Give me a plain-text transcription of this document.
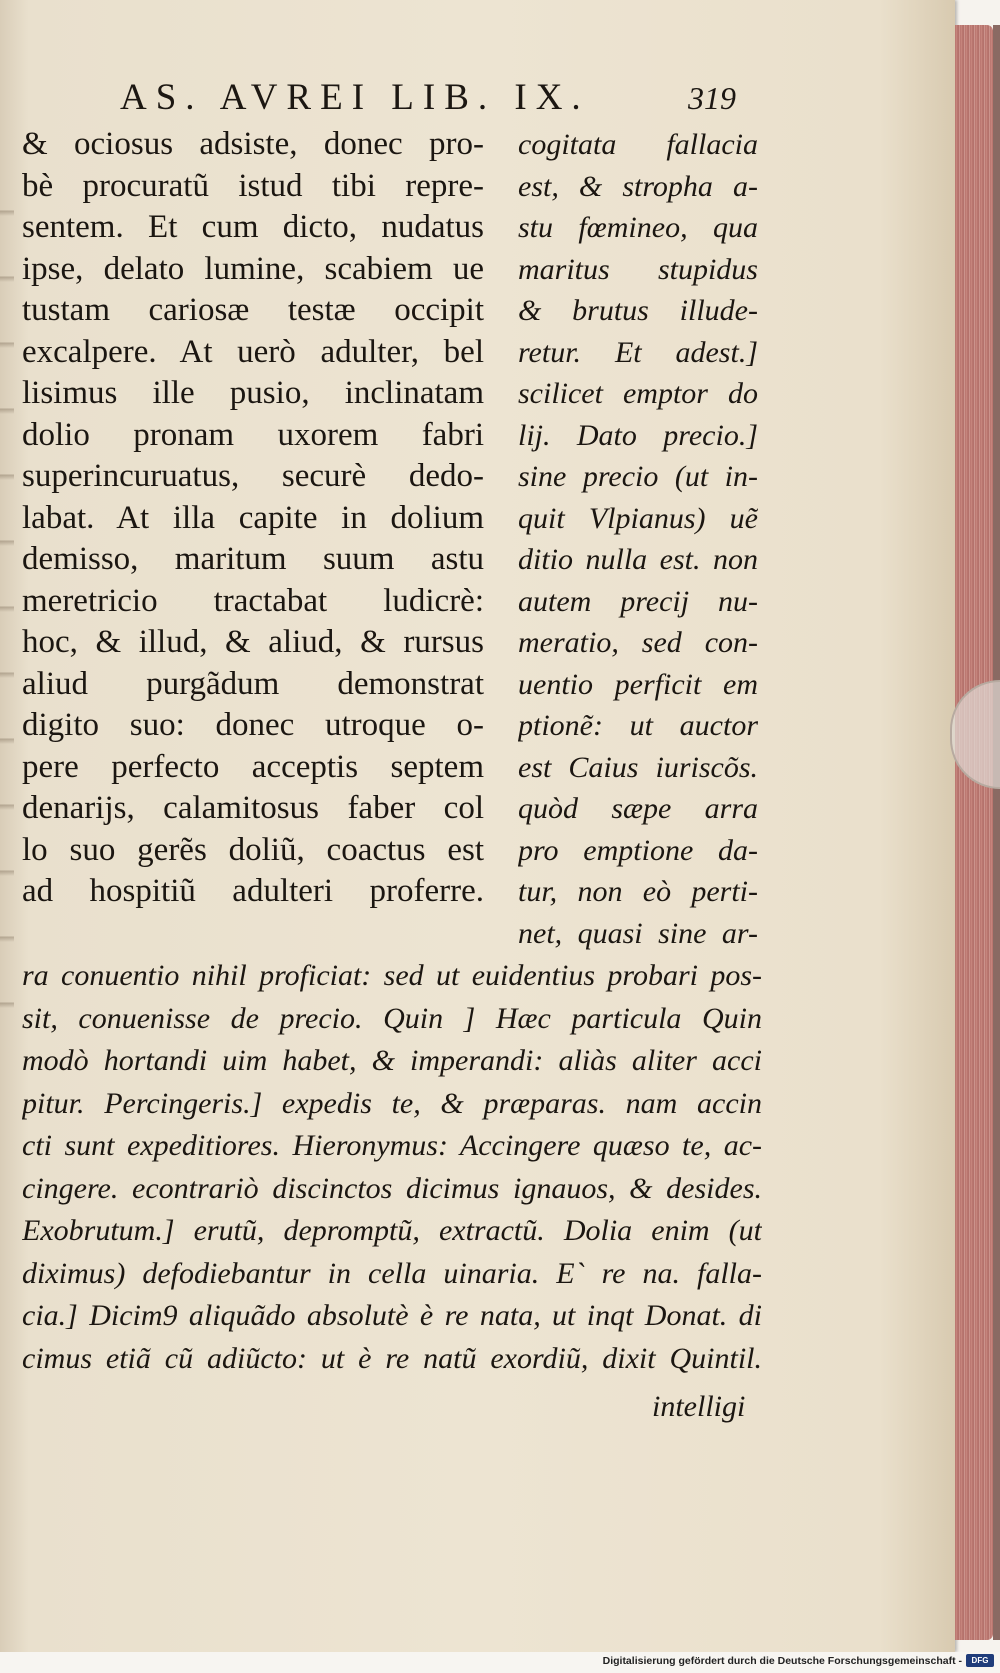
AS. AVREI LIB. IX.	319
& ociosus adsiste, donec pro-
bè procuratũ istud tibi repre-
sentem. Et cum dicto, nudatus
ipse, delato lumine, scabiem ue
tustam cariosæ testæ occipit
excalpere. At uerò adulter, bel
lisimus ille pusio, inclinatam
dolio pronam uxorem fabri
superincuruatus, securè dedo-
labat. At illa capite in dolium
demisso, maritum suum astu
meretricio tractabat ludicrè:
hoc, & illud, & aliud, & rursus
aliud purgãdum demonstrat
digito suo: donec utroque o-
pere perfecto acceptis septem
denarijs, calamitosus faber col
lo suo gerẽs doliũ, coactus est
ad hospitiũ adulteri proferre.
cogitata fallacia
est, & stropha a-
stu fœmineo, qua
maritus stupidus
& brutus illude-
retur. Et adest.]
scilicet emptor do
lij. Dato precio.]
sine precio (ut in-
quit Vlpianus) uẽ
ditio nulla est. non
autem precij nu-
meratio, sed con-
uentio perficit em
ptionẽ: ut auctor
est Caius iuriscõs.
quòd sæpe arra
pro emptione da-
tur, non eò perti-
net, quasi sine ar-
ra conuentio nihil proficiat: sed ut euidentius probari pos-
sit, conuenisse de precio. Quin ] Hæc particula Quin
modò hortandi uim habet, & imperandi: aliàs aliter acci
pitur. Percingeris.] expedis te, & præparas. nam accin
cti sunt expeditiores. Hieronymus: Accingere quæso te, ac-
cingere. econtrariò discinctos dicimus ignauos, & desides.
Exobrutum.] erutũ, depromptũ, extractũ. Dolia enim (ut
diximus) defodiebantur in cella uinaria. E` re na. falla-
cia.] Dicim9 aliquãdo absolutè è re nata, ut inqt Donat. di
cimus etiã cũ adiũcto: ut è re natũ exordiũ, dixit Quintil.
intelligi
Digitalisierung gefördert durch die Deutsche Forschungsgemeinschaft -	DFG
